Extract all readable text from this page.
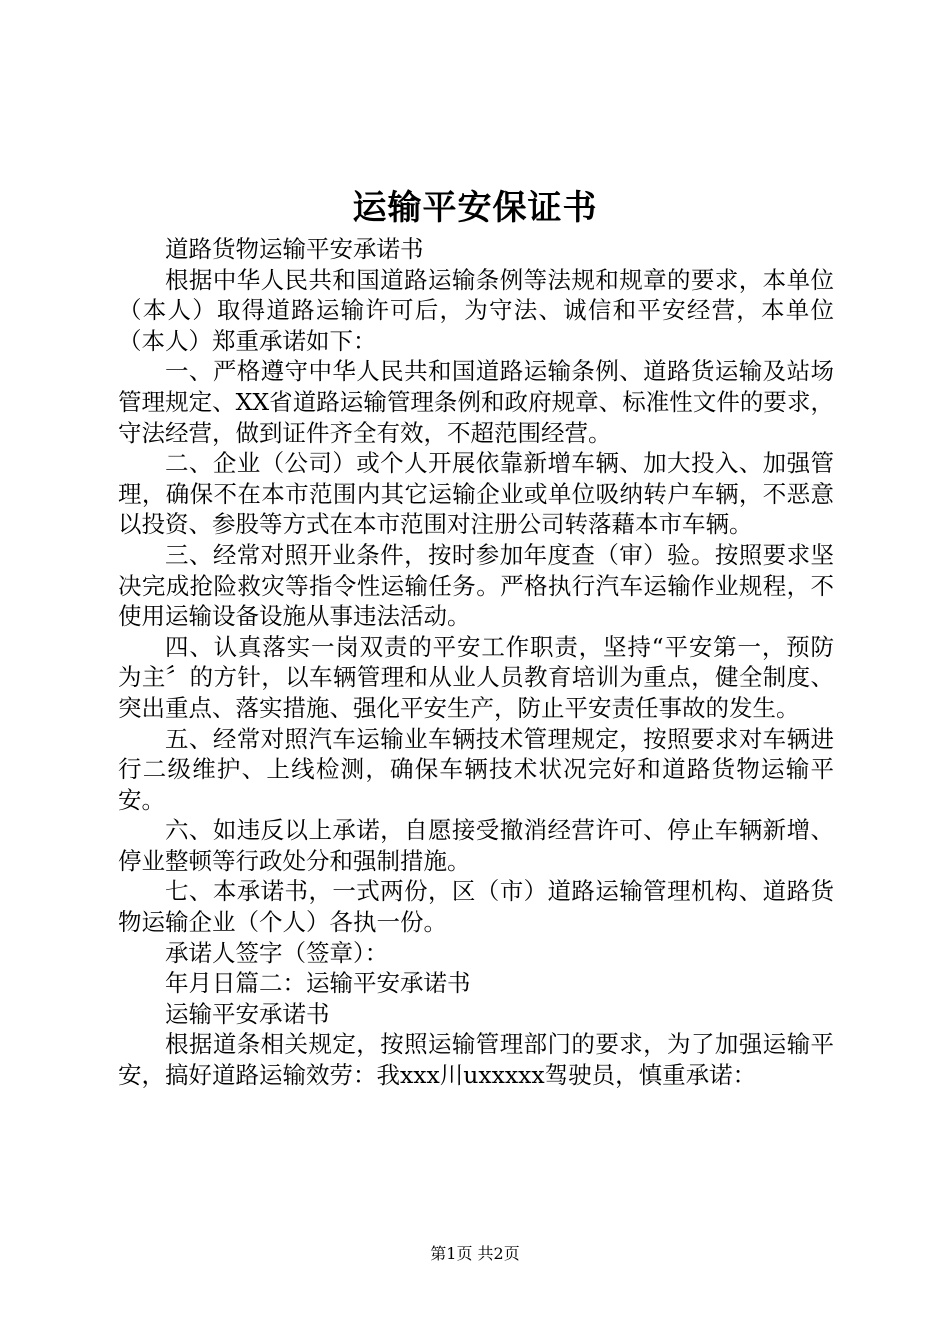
运输平安保证书

道路货物运输平安承诺书

根据中华人民共和国道路运输条例等法规和规章的要求，本单位（本人）取得道路运输许可后，为守法、诚信和平安经营，本单位（本人）郑重承诺如下：

一、严格遵守中华人民共和国道路运输条例、道路货运输及站场管理规定、XX省道路运输管理条例和政府规章、标准性文件的要求，守法经营，做到证件齐全有效，不超范围经营。

二、企业（公司）或个人开展依靠新增车辆、加大投入、加强管理，确保不在本市范围内其它运输企业或单位吸纳转户车辆，不恶意以投资、参股等方式在本市范围对注册公司转落藉本市车辆。

三、经常对照开业条件，按时参加年度查（审）验。按照要求坚决完成抢险救灾等指令性运输任务。严格执行汽车运输作业规程，不使用运输设备设施从事违法活动。

四、认真落实一岗双责的平安工作职责，坚持“平安第一，预防为主〞的方针，以车辆管理和从业人员教育培训为重点，健全制度、突出重点、落实措施、强化平安生产，防止平安责任事故的发生。

五、经常对照汽车运输业车辆技术管理规定，按照要求对车辆进行二级维护、上线检测，确保车辆技术状况完好和道路货物运输平安。

六、如违反以上承诺，自愿接受撤消经营许可、停止车辆新增、停业整顿等行政处分和强制措施。

七、本承诺书，一式两份，区（市）道路运输管理机构、道路货物运输企业（个人）各执一份。

承诺人签字（签章）：

年月日篇二：运输平安承诺书

运输平安承诺书

根据道条相关规定，按照运输管理部门的要求，为了加强运输平安，搞好道路运输效劳：我xxx川uxxxxx驾驶员，慎重承诺：

第1页 共2页
